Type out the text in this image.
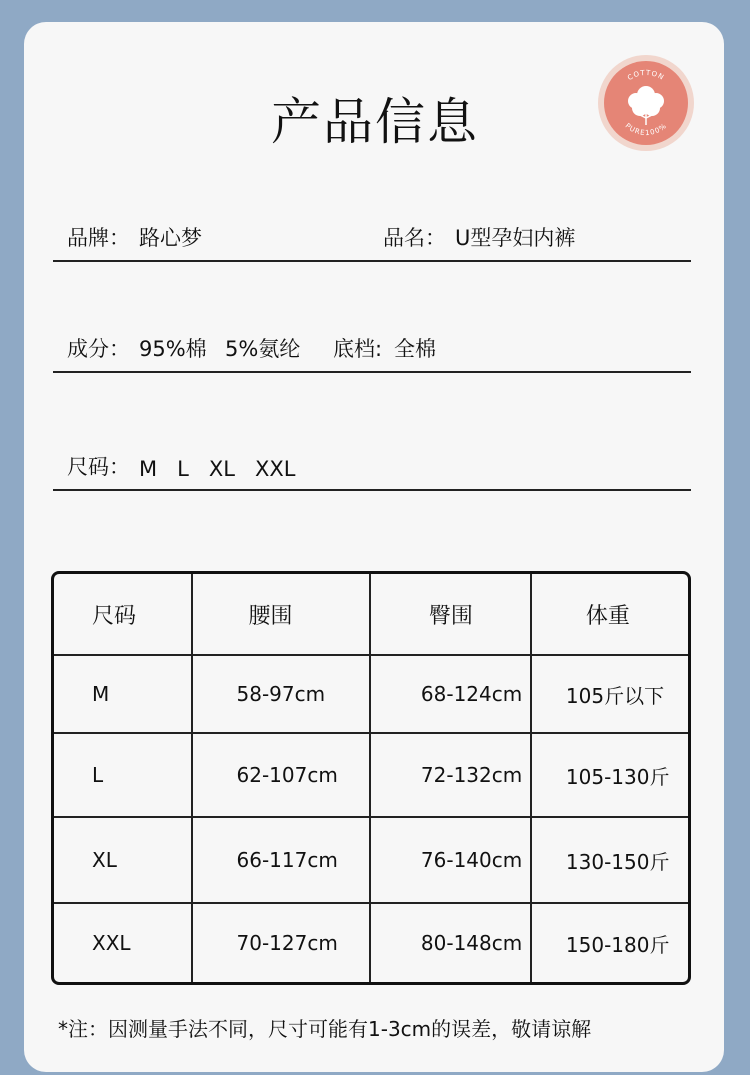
产品信息
COTTON
PURE100%
品牌： 路心梦	品名： U型孕妇内裤
成分： 95%棉 5%氨纶 底档: 全棉
尺码： M   L   XL   XXL
尺码	腰围	臀围	体重
M	58-97cm	68-124cm	105斤以下
L	62-107cm	72-132cm	105-130斤
XL	66-117cm	76-140cm	130-150斤
XXL	70-127cm	80-148cm	150-180斤
*注：因测量手法不同，尺寸可能有1-3cm的误差，敬请谅解
